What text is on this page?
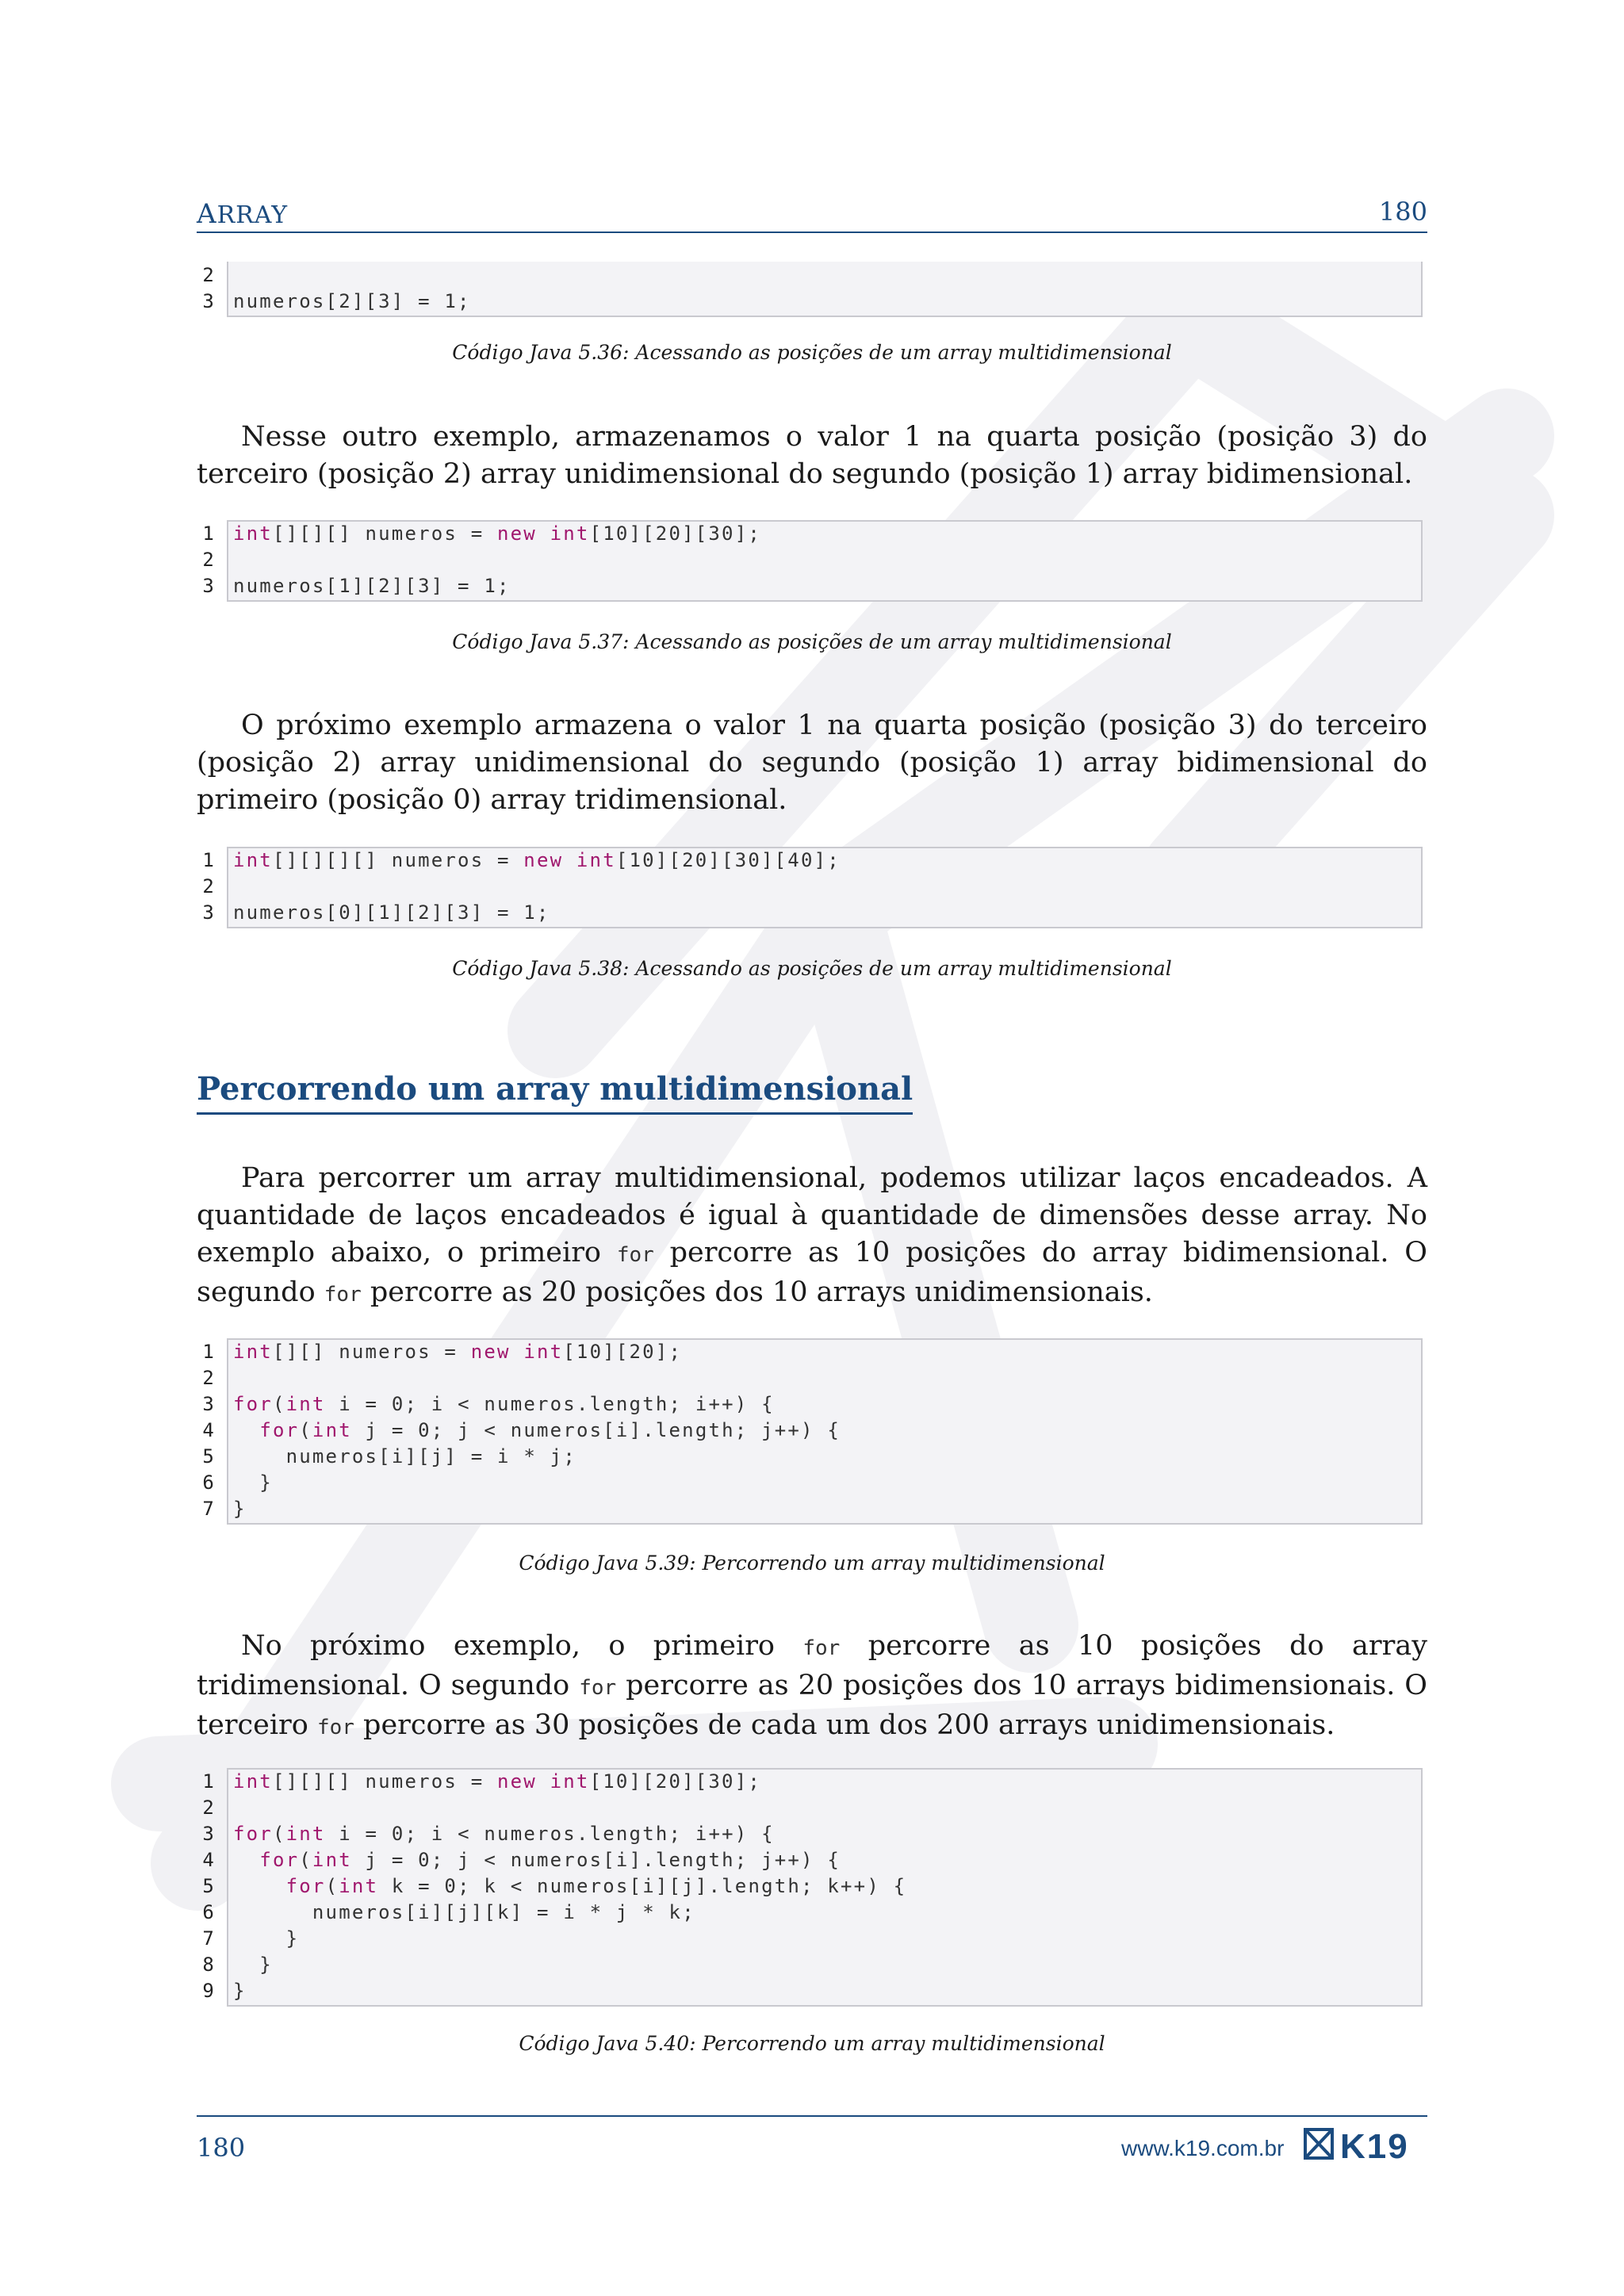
ARRAY	180
2
3 numeros[2][3] = 1;
Código Java 5.36: Acessando as posições de um array multidimensional
Nesse outro exemplo, armazenamos o valor 1 na quarta posição (posição 3) do terceiro (posição 2) array unidimensional do segundo (posição 1) array bidimensional.
1 int[][][] numeros = new int[10][20][30];
2
3 numeros[1][2][3] = 1;
Código Java 5.37: Acessando as posições de um array multidimensional
O próximo exemplo armazena o valor 1 na quarta posição (posição 3) do terceiro (posição 2) array unidimensional do segundo (posição 1) array bidimensional do primeiro (posição 0) array tridimensional.
1 int[][][][] numeros = new int[10][20][30][40];
2
3 numeros[0][1][2][3] = 1;
Código Java 5.38: Acessando as posições de um array multidimensional
Percorrendo um array multidimensional
Para percorrer um array multidimensional, podemos utilizar laços encadeados. A quantidade de laços encadeados é igual à quantidade de dimensões desse array. No exemplo abaixo, o primeiro for percorre as 10 posições do array bidimensional. O segundo for percorre as 20 posições dos 10 arrays unidimensionais.
1 int[][] numeros = new int[10][20];
2
3 for(int i = 0; i < numeros.length; i++) {
4	for(int j = 0; j < numeros[i].length; j++) {
5	numeros[i][j] = i * j;
6 }
7 }
Código Java 5.39: Percorrendo um array multidimensional
No próximo exemplo, o primeiro for percorre as 10 posições do array tridimensional. O segundo for percorre as 20 posições dos 10 arrays bidimensionais. O terceiro for percorre as 30 posições de cada um dos 200 arrays unidimensionais.
1 int[][][] numeros = new int[10][20][30];
2
3 for(int i = 0; i < numeros.length; i++) {
4	for(int j = 0; j < numeros[i].length; j++) {
5	for(int k = 0; k < numeros[i][j].length; k++) {
6	numeros[i][j][k] = i * j * k;
7 }
8 }
9 }
Código Java 5.40: Percorrendo um array multidimensional
180	www.k19.com.br K19
